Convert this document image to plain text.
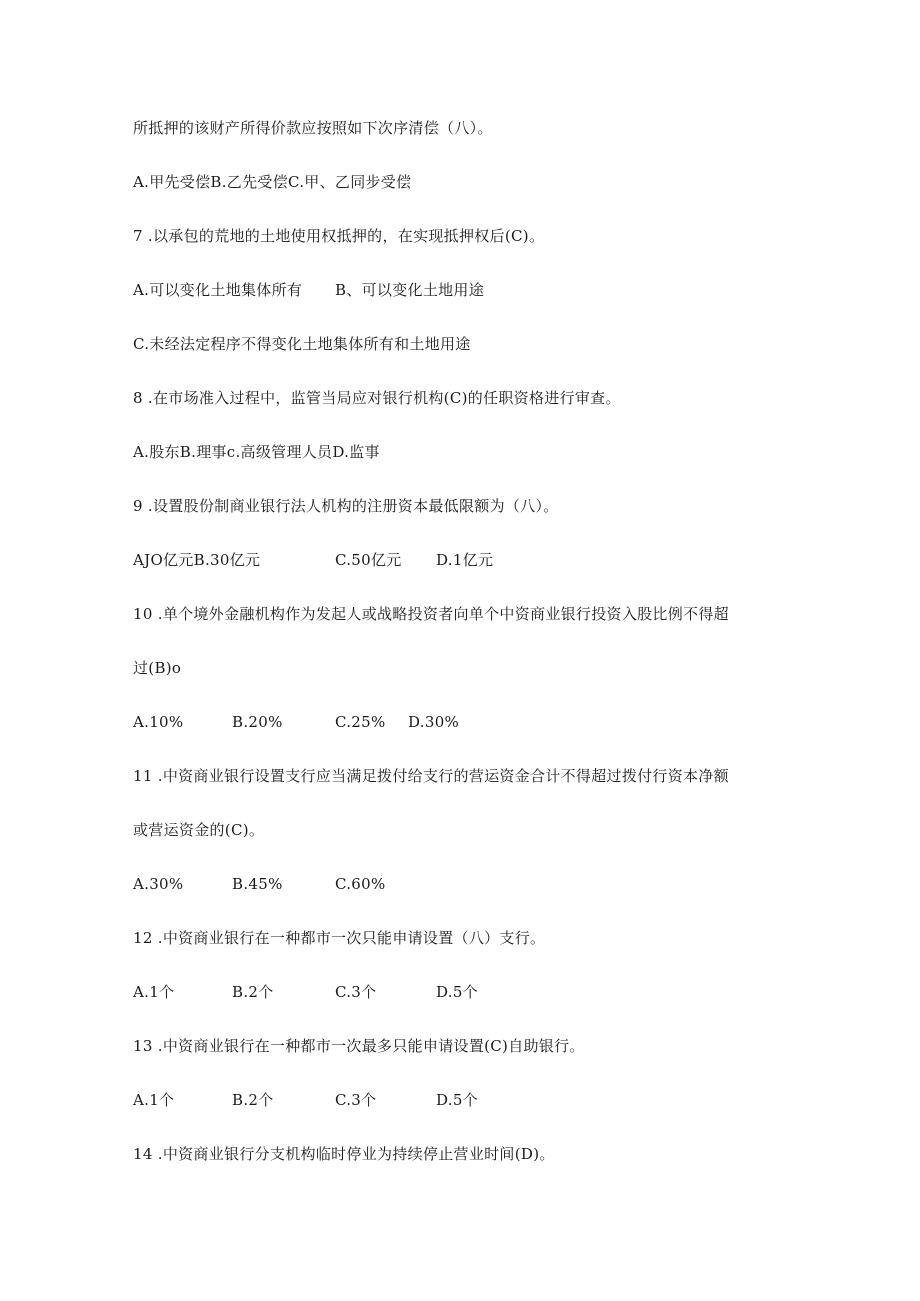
所抵押的该财产所得价款应按照如下次序清偿（八）。
A.甲先受偿B.乙先受偿C.甲、乙同步受偿
7 .以承包的荒地的土地使用权抵押的，在实现抵押权后(C)。
A.可以变化土地集体所有 B、可以变化土地用途
C.未经法定程序不得变化土地集体所有和土地用途
8 .在市场准入过程中，监管当局应对银行机构(C)的任职资格进行审查。
A.股东B.理事c.高级管理人员D.监事
9 .设置股份制商业银行法人机构的注册资本最低限额为（八）。
AJO亿元B.30亿元	C.50亿元 D.1亿元
10 .单个境外金融机构作为发起人或战略投资者向单个中资商业银行投资入股比例不得超
过(B)o
A.10%	B.20%	C.25% D.30%
11 .中资商业银行设置支行应当满足拨付给支行的营运资金合计不得超过拨付行资本净额
或营运资金的(C)。
A.30%	B.45%	C.60%
12 .中资商业银行在一种都市一次只能申请设置（八）支行。
A.1个	B.2个	C.3个	D.5个
13 .中资商业银行在一种都市一次最多只能申请设置(C)自助银行。
A.1个	B.2个	C.3个	D.5个
14 .中资商业银行分支机构临时停业为持续停止营业时间(D)。
